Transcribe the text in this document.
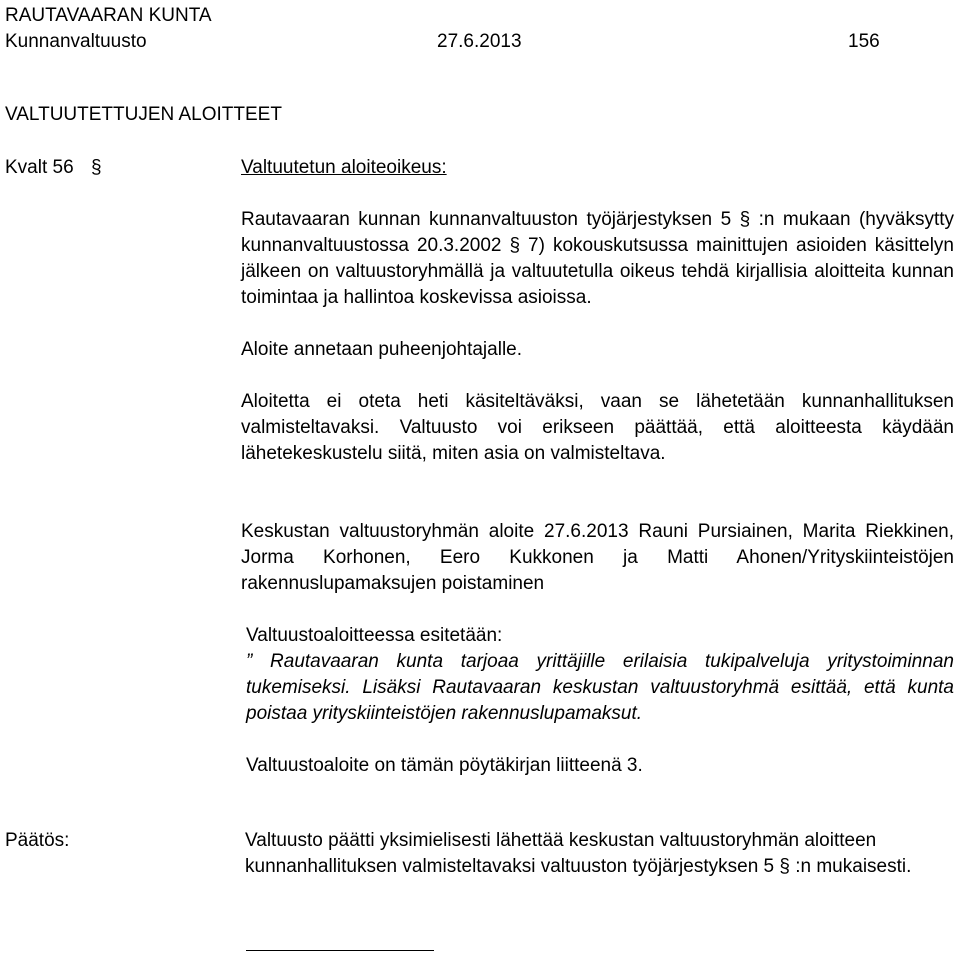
RAUTAVAARAN KUNTA
Kunnanvaltuusto	27.6.2013	156
VALTUUTETTUJEN ALOITTEET
Kvalt 56 §	Valtuutetun aloiteoikeus:

Rautavaaran kunnan kunnanvaltuuston työjärjestyksen 5 § :n mukaan (hyväksytty kunnanvaltuustossa 20.3.2002 § 7) kokouskutsussa mainittujen asioiden käsittelyn jälkeen on valtuustoryhmällä ja valtuutetulla oikeus tehdä kirjallisia aloitteita kunnan toimintaa ja hallintoa koskevissa asioissa.

Aloite annetaan puheenjohtajalle.

Aloitetta ei oteta heti käsiteltäväksi, vaan se lähetetään kunnanhallituksen valmisteltavaksi. Valtuusto voi erikseen päättää, että aloitteesta käydään lähetekeskustelu siitä, miten asia on valmisteltava.

Keskustan valtuustoryhmän aloite 27.6.2013 Rauni Pursiainen, Marita Riekkinen, Jorma Korhonen, Eero Kukkonen ja Matti Ahonen/Yrityskiinteistöjen rakennuslupamaksujen poistaminen

Valtuustoaloitteessa esitetään:

” Rautavaaran kunta tarjoaa yrittäjille erilaisia tukipalveluja yritystoiminnan tukemiseksi. Lisäksi Rautavaaran keskustan valtuustoryhmä esittää, että kunta poistaa yrityskiinteistöjen rakennuslupamaksut.

Valtuustoaloite on tämän pöytäkirjan liitteenä 3.

Päätös:	Valtuusto päätti yksimielisesti lähettää keskustan valtuustoryhmän aloitteen kunnanhallituksen valmisteltavaksi valtuuston työjärjestyksen 5 § :n mukaisesti.
